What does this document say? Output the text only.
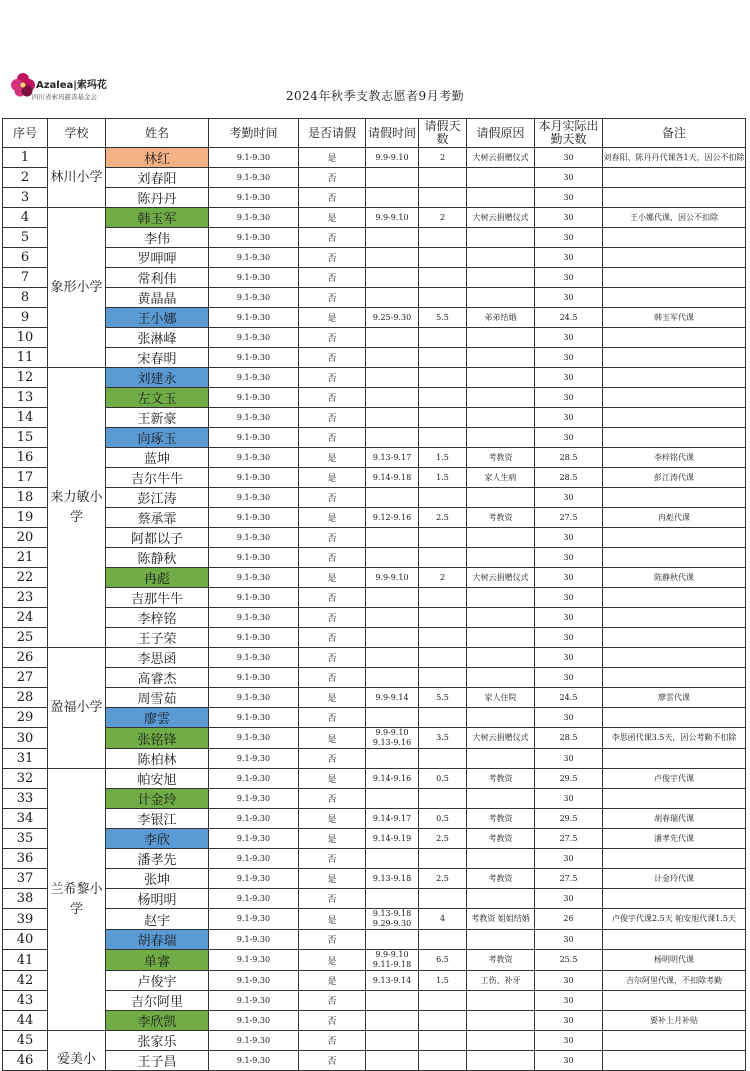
Azalea|索玛花
四川省索玛慈善基金会	2024年秋季支教志愿者9月考勤
序号	学校	姓名	考勤时间	是否请假	请假时间	请假天数	请假原因	本月实际出勤天数	备注
1	林川小学	林红	9.1-9.30	是	9.9-9.10	2	大树云捐赠仪式	30	刘春阳、陈丹丹代课各1天，因公不扣除
2		刘春阳	9.1-9.30	否				30	
3		陈丹丹	9.1-9.30	否				30	
4	象形小学	韩玉军	9.1-9.30	是	9.9-9.10	2	大树云捐赠仪式	30	王小娜代课，因公不扣除
5		李伟	9.1-9.30	否				30	
6		罗呷呷	9.1-9.30	否				30	
7		常利伟	9.1-9.30	否				30	
8		黄晶晶	9.1-9.30	否				30	
9		王小娜	9.1-9.30	是	9.25-9.30	5.5	弟弟结婚	24.5	韩玉军代课
10		张淋峰	9.1-9.30	否				30	
11		宋春明	9.1-9.30	否				30	
12	来力敏小学	刘建永	9.1-9.30	否				30	
13		左文玉	9.1-9.30	否				30	
14		王新豪	9.1-9.30	否				30	
15		向琢玉	9.1-9.30	否				30	
16		蓝坤	9.1-9.30	是	9.13-9.17	1.5	考教资	28.5	李梓铭代课
17		吉尔牛牛	9.1-9.30	是	9.14-9.18	1.5	家人生病	28.5	彭江涛代课
18		彭江涛	9.1-9.30	否				30	
19		蔡承霏	9.1-9.30	是	9.12-9.16	2.5	考教资	27.5	冉彪代课
20		阿都以子	9.1-9.30	否				30	
21		陈静秋	9.1-9.30	否				30	
22		冉彪	9.1-9.30	是	9.9-9.10	2	大树云捐赠仪式	30	陈静秋代课
23		吉那牛牛	9.1-9.30	否				30	
24		李梓铭	9.1-9.30	否				30	
25		王子荣	9.1-9.30	否				30	
26	盈福小学	李思函	9.1-9.30	否				30	
27		高睿杰	9.1-9.30	否				30	
28		周雪茹	9.1-9.30	是	9.9-9.14	5.5	家人住院	24.5	廖雲代课
29		廖雲	9.1-9.30	否				30	
30		张铭锋	9.1-9.30	是	9.9-9.10 9.13-9.16	3.5	大树云捐赠仪式	28.5	李思函代课3.5天，因公考勤不扣除
31		陈柏林	9.1-9.30	否				30	
32	兰希黎小学	帕安旭	9.1-9.30	是	9.14-9.16	0.5	考教资	29.5	卢俊宇代课
33		计金玲	9.1-9.30	否				30	
34		李银江	9.1-9.30	是	9.14-9.17	0.5	考教资	29.5	胡春瑞代课
35		李欣	9.1-9.30	是	9.14-9.19	2.5	考教资	27.5	潘孝先代课
36		潘孝先	9.1-9.30	否				30	
37		张坤	9.1-9.30	是	9.13-9.18	2.5	考教资	27.5	计金玲代课
38		杨明明	9.1-9.30	否				30	
39		赵宇	9.1-9.30	是	9.13-9.18 9.29-9.30	4	考教资 姐姐结婚	26	卢俊宇代课2.5天 帕安旭代课1.5天
40		胡春瑞	9.1-9.30	否				30	
41		单睿	9.1-9.30	是	9.9-9.10 9.11-9.18	6.5	考教资	25.5	杨明明代课
42		卢俊宇	9.1-9.30	是	9.13-9.14	1.5	工伤、补牙	30	吉尔阿里代课，不扣除考勤
43		吉尔阿里	9.1-9.30	否				30	
44		李欣凯	9.1-9.30	否				30	要补上月补贴
45	爱美小	张家乐	9.1-9.30	否				30	
46		王子昌	9.1-9.30	否				30	
